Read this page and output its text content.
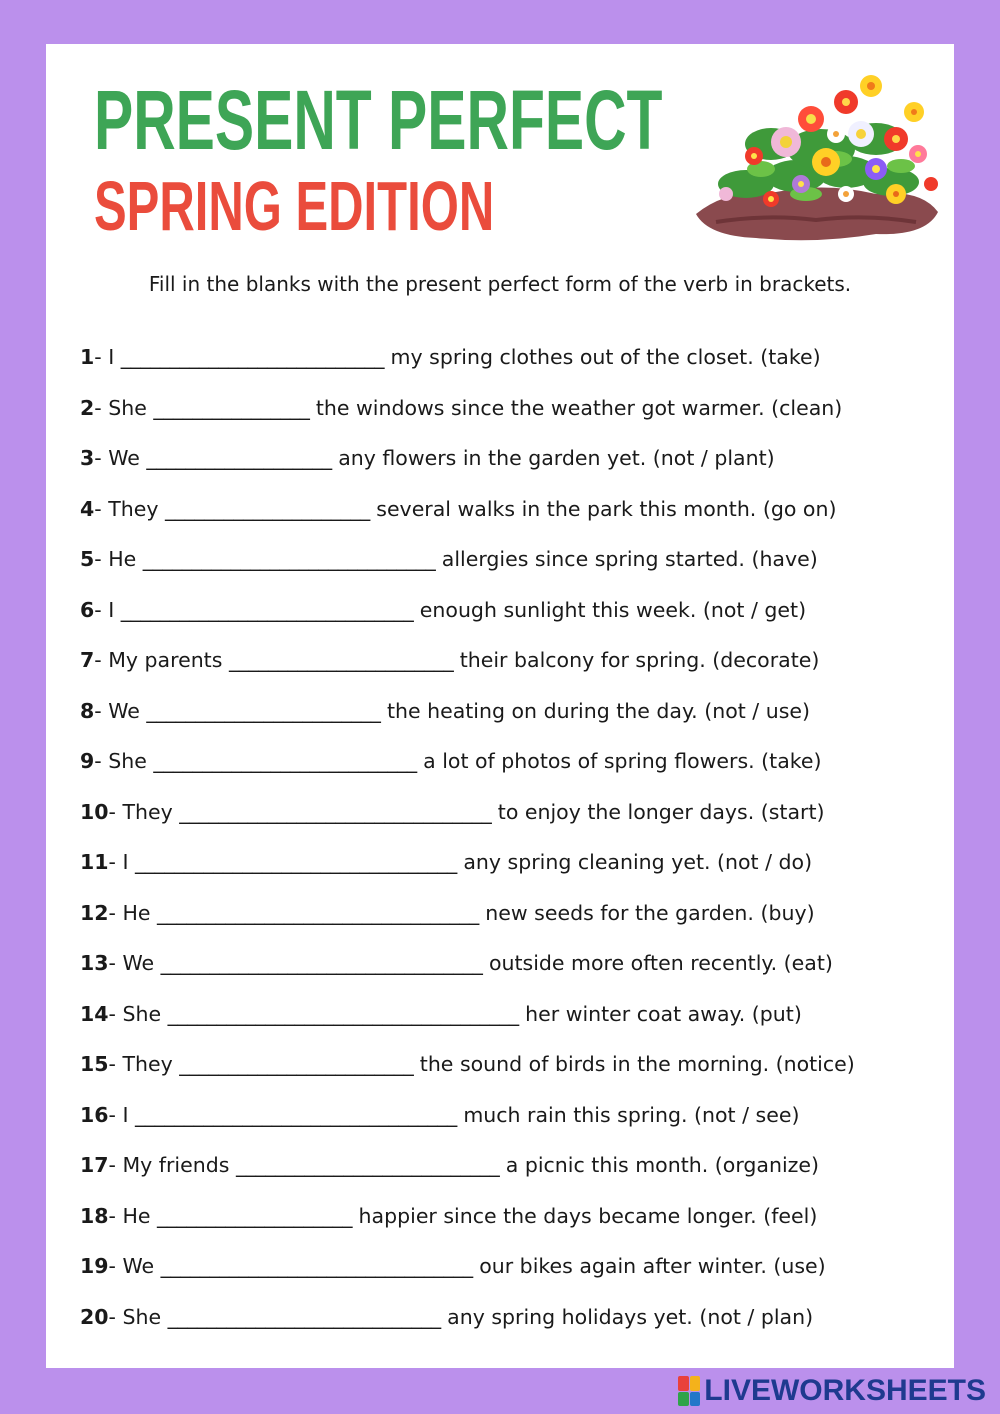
PRESENT PERFECT
SPRING EDITION
Fill in the blanks with the present perfect form of the verb in brackets.
1- I ___________________________ my spring clothes out of the closet. (take)
2- She ________________ the windows since the weather got warmer. (clean)
3- We ___________________ any flowers in the garden yet. (not / plant)
4- They _____________________ several walks in the park this month. (go on)
5- He ______________________________ allergies since spring started. (have)
6- I ______________________________ enough sunlight this week. (not / get)
7- My parents _______________________ their balcony for spring. (decorate)
8- We ________________________ the heating on during the day. (not / use)
9- She ___________________________ a lot of photos of spring flowers. (take)
10- They ________________________________ to enjoy the longer days. (start)
11- I _________________________________ any spring cleaning yet. (not / do)
12- He _________________________________ new seeds for the garden. (buy)
13- We _________________________________ outside more often recently. (eat)
14- She ____________________________________ her winter coat away. (put)
15- They ________________________ the sound of birds in the morning. (notice)
16- I _________________________________ much rain this spring. (not / see)
17- My friends ___________________________ a picnic this month. (organize)
18- He ____________________ happier since the days became longer. (feel)
19- We ________________________________ our bikes again after winter. (use)
20- She ____________________________ any spring holidays yet. (not / plan)
LIVEWORKSHEETS
